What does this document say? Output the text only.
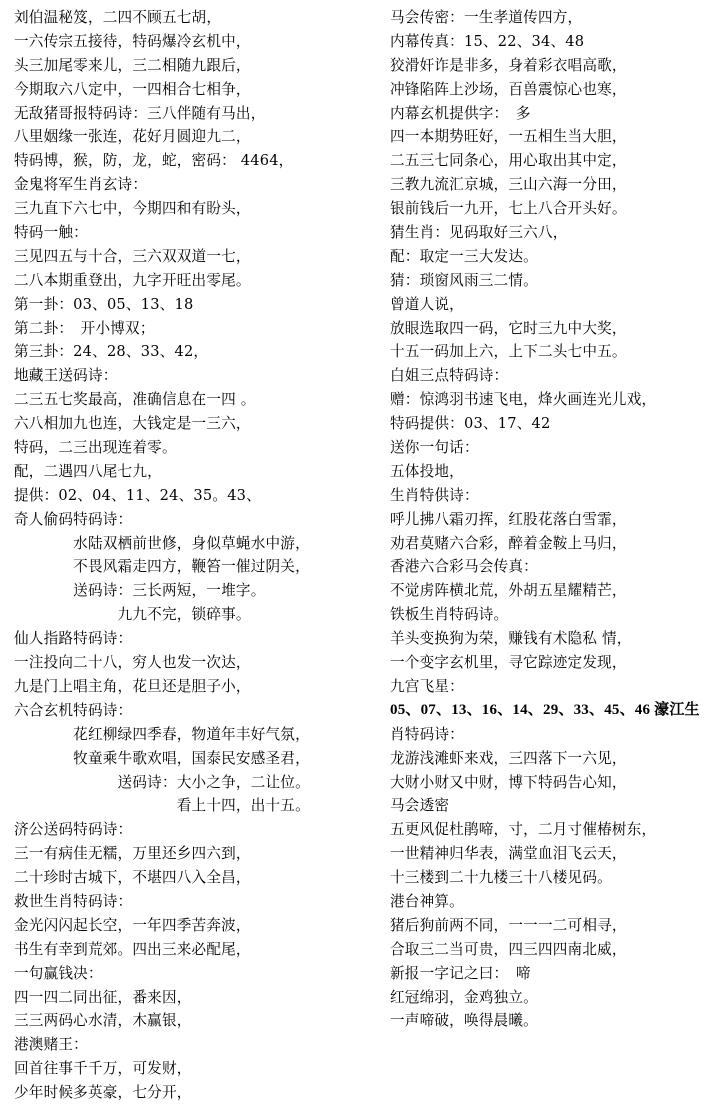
刘伯温秘笈，二四不顾五七胡，
一六传宗五接待，特码爆冷玄机中，
头三加尾零来儿，三二相随九跟后，
今期取六八定中，一四相合七相争，
无敌猪哥报特码诗：三八伴随有马出，
八里姻缘一张连，花好月圆迎九二，
特码博，猴，防，龙，蛇，密码： 4464，
金鬼将军生肖玄诗：
三九直下六七中，今期四和有盼头，
特码一触：
三见四五与十合，三六双双道一七，
二八本期重登出，九字开旺出零尾。
第一卦：03、05、13、18
第二卦：　开小博双；
第三卦：24、28、33、42，
地藏王送码诗：
二三五七奖最高，准确信息在一四 。
六八相加九也连，大钱定是一三六，
特码，二三出现连着零。
配，二遇四八尾七九，
提供：02、04、11、24、35。43、
奇人偷码特码诗：
　　　　水陆双栖前世修，身似草蝇水中游，
　　　　不畏风霜走四方，鞭笞一催过阴关，
　　　　送码诗：三长两短，一堆字。
　　　　　　　九九不完，锁碎事。
仙人指路特码诗：
一注投向二十八，穷人也发一次达，
九是门上唱主角，花旦还是胆子小，
六合玄机特码诗：
　　　　花红柳绿四季春，物道年丰好气氛，
　　　　牧童乘牛歌欢唱，国泰民安感圣君，
　　　　　　　送码诗：大小之争，二让位。
　　　　　　　　　　　看上十四，出十五。
济公送码特码诗：
三一有病佳无糯，万里还乡四六到，
二十珍时古城下，不堪四八入全昌，
救世生肖特码诗：
金光闪闪起长空，一年四季苦奔波，
书生有幸到荒郊。四出三来必配尾，
一句赢钱决：
四一四二同出征，番来因，
三三两码心水清，木赢银，
港澳赌王：
回首往事千千万，可发财，
少年时候多英豪，七分开，
马会传密：一生孝道传四方，
内幕传真：15、22、34、48
狡滑奸诈是非多，身着彩衣唱高歌，
冲锋陷阵上沙场，百兽震惊心也寒，
内幕玄机提供字：　多
四一本期势旺好，一五相生当大胆，
二五三七同条心，用心取出其中定，
三教九流汇京城，三山六海一分田，
银前钱后一九开，七上八合开头好。
猜生肖：见码取好三六八，
配：取定一三大发达。
猜：琐窗风雨三二情。
曾道人说，
放眼选取四一码，它时三九中大奖，
十五一码加上六，上下二头七中五。
白姐三点特码诗：
赠：惊鸿羽书速飞电，烽火画连光儿戏，
特码提供：03、17、42
送你一句话：
五体投地，
生肖特供诗：
呼儿拂八霜刃挥，红股花落白雪霏，
劝君莫赌六合彩，醉着金鞍上马归，
香港六合彩马会传真：
不觉虏阵横北荒，外胡五星耀精芒，
铁板生肖特码诗。
羊头变换狗为荣，赚钱有术隐私 情，
一个变字玄机里，寻它踪迹定发现，
九宫飞星：
05、07、13、16、14、29、33、45、46 濠江生
肖特码诗：
龙游浅滩虾来戏，三四落下一六见，
大财小财又中财，博下特码告心知，
马会透密
五更风促杜鹃啼，寸，二月寸催椿树东，
一世精神归华表，满堂血泪飞云天，
十三楼到二十九楼三十八楼见码。
港台神算。
猪后狗前两不同，一一一二可相寻，
合取三二当可贵，四三四四南北威，
新报一字记之曰：　啼
红冠绵羽，金鸡独立。
一声啼破，唤得晨曦。
